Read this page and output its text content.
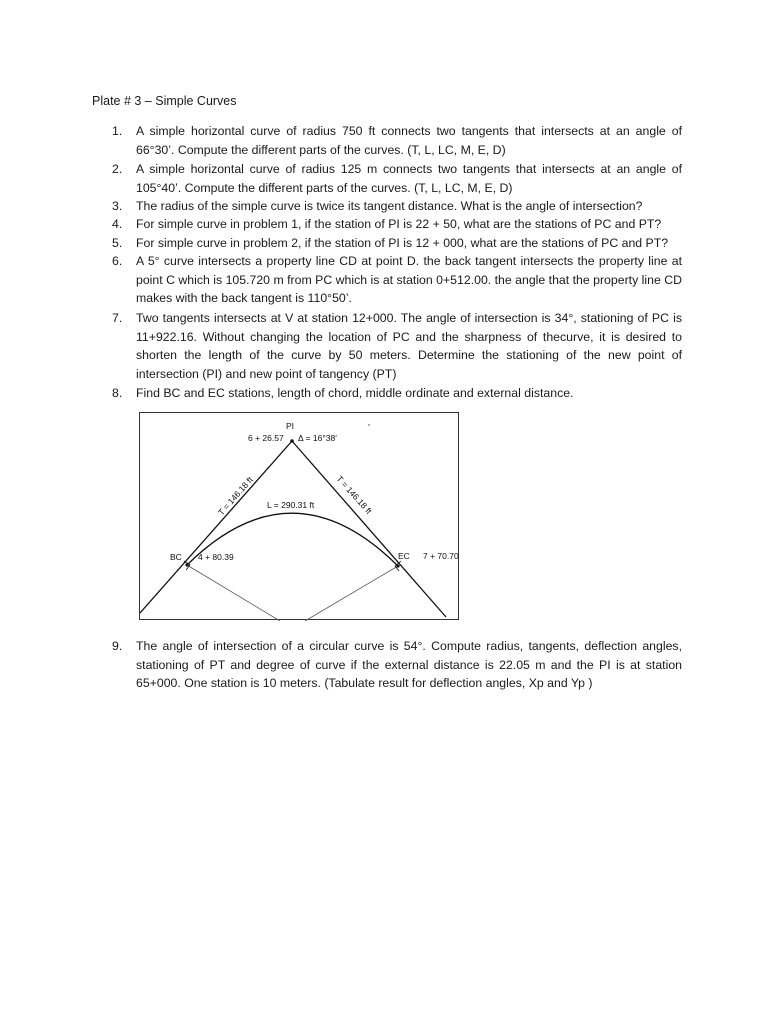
Plate # 3 – Simple Curves
1. A simple horizontal curve of radius 750 ft connects two tangents that intersects at an angle of 66°30’. Compute the different parts of the curves. (T, L, LC, M, E, D)
2. A simple horizontal curve of radius 125 m connects two tangents that intersects at an angle of 105°40’. Compute the different parts of the curves. (T, L, LC, M, E, D)
3. The radius of the simple curve is twice its tangent distance. What is the angle of intersection?
4. For simple curve in problem 1, if the station of PI is 22 + 50, what are the stations of PC and PT?
5. For simple curve in problem 2, if the station of PI is 12 + 000, what are the stations of PC and PT?
6. A 5° curve intersects a property line CD at point D. the back tangent intersects the property line at point C which is 105.720 m from PC which is at station 0+512.00. the angle that the property line CD makes with the back tangent is 110°50’.
7. Two tangents intersects at V at station 12+000. The angle of intersection is 34°, stationing of PC is 11+922.16. Without changing the location of PC and the sharpness of thecurve, it is desired to shorten the length of the curve by 50 meters. Determine the stationing of the new point of intersection (PI) and new point of tangency (PT)
8. Find BC and EC stations, length of chord, middle ordinate and external distance.
PI
6 + 26.57 Δ = 16°38′
T = 146.18 ft	T = 146.18 ft
L = 290.31 ft
BC 4 + 80.39	EC 7 + 70.70
9. The angle of intersection of a circular curve is 54°. Compute radius, tangents, deflection angles, stationing of PT and degree of curve if the external distance is 22.05 m and the PI is at station 65+000. One station is 10 meters. (Tabulate result for deflection angles, Xp and Yp )
